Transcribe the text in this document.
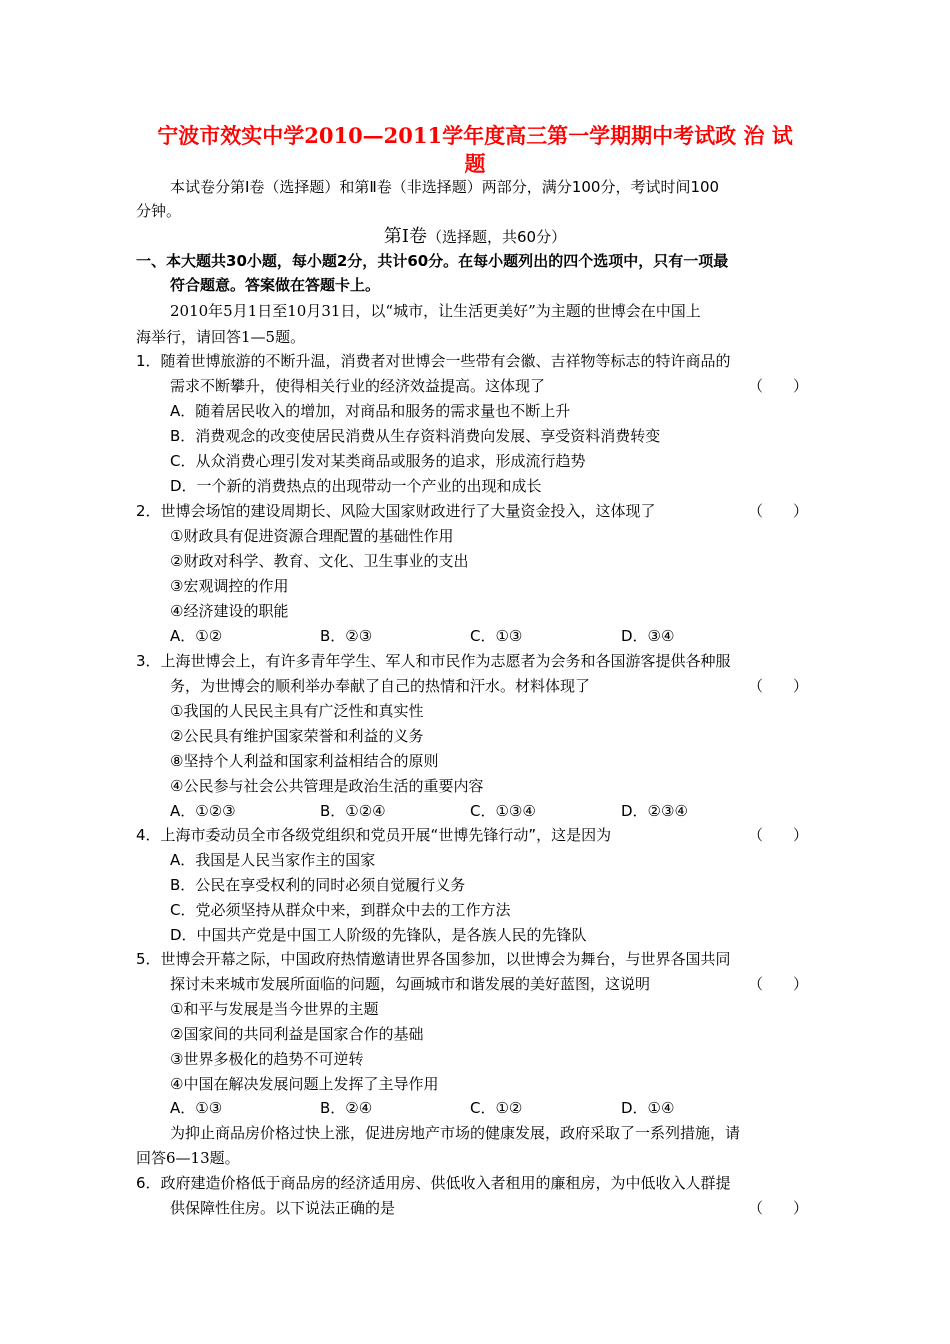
宁波市效实中学2010—2011学年度高三第一学期期中考试政 治 试
题
本试卷分第Ⅰ卷（选择题）和第Ⅱ卷（非选择题）两部分，满分100分，考试时间100
分钟。
第Ⅰ卷（选择题，共60分）
一、本大题共30小题，每小题2分，共计60分。在每小题列出的四个选项中，只有一项最
符合题意。答案做在答题卡上。
2010年5月1日至10月31日，以“城市，让生活更美好”为主题的世博会在中国上
海举行，请回答1—5题。
1．随着世博旅游的不断升温，消费者对世博会一些带有会徽、吉祥物等标志的特许商品的
需求不断攀升，使得相关行业的经济效益提高。这体现了	（　　）
A．随着居民收入的增加，对商品和服务的需求量也不断上升
B．消费观念的改变使居民消费从生存资料消费向发展、享受资料消费转变
C．从众消费心理引发对某类商品或服务的追求，形成流行趋势
D．一个新的消费热点的出现带动一个产业的出现和成长
2．世博会场馆的建设周期长、风险大国家财政进行了大量资金投入，这体现了	（　　）
①财政具有促进资源合理配置的基础性作用
②财政对科学、教育、文化、卫生事业的支出
③宏观调控的作用
④经济建设的职能
A．①②	B．②③	C．①③	D．③④
3．上海世博会上，有许多青年学生、军人和市民作为志愿者为会务和各国游客提供各种服
务，为世博会的顺利举办奉献了自己的热情和汗水。材料体现了	（　　）
①我国的人民民主具有广泛性和真实性
②公民具有维护国家荣誉和利益的义务
⑧坚持个人利益和国家利益相结合的原则
④公民参与社会公共管理是政治生活的重要内容
A．①②③	B．①②④	C．①③④	D．②③④
4．上海市委动员全市各级党组织和党员开展“世博先锋行动”，这是因为	（　　）
A．我国是人民当家作主的国家
B．公民在享受权利的同时必须自觉履行义务
C．党必须坚持从群众中来，到群众中去的工作方法
D．中国共产党是中国工人阶级的先锋队，是各族人民的先锋队
5．世博会开幕之际，中国政府热情邀请世界各国参加，以世博会为舞台，与世界各国共同
探讨未来城市发展所面临的问题，勾画城市和谐发展的美好蓝图，这说明	（　　）
①和平与发展是当今世界的主题
②国家间的共同利益是国家合作的基础
③世界多极化的趋势不可逆转
④中国在解决发展问题上发挥了主导作用
A．①③	B．②④	C．①②	D．①④
为抑止商品房价格过快上涨，促进房地产市场的健康发展，政府采取了一系列措施，请
回答6—13题。
6．政府建造价格低于商品房的经济适用房、供低收入者租用的廉租房，为中低收入人群提
供保障性住房。以下说法正确的是	（　　）
